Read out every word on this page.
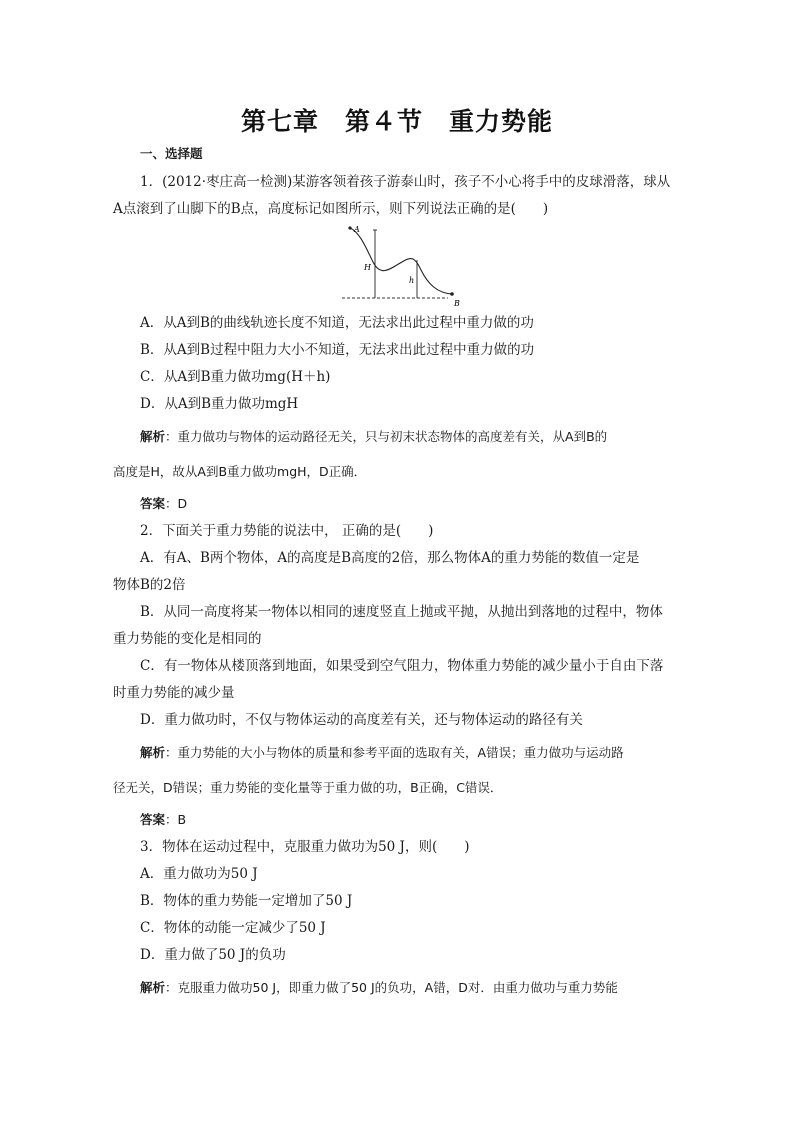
第七章　第４节　重力势能
一、选择题
1．(2012·枣庄高一检测)某游客领着孩子游泰山时，孩子不小心将手中的皮球滑落，球从
A点滚到了山脚下的B点，高度标记如图所示，则下列说法正确的是(　　)
A
H
h
B
A．从A到B的曲线轨迹长度不知道，无法求出此过程中重力做的功
B．从A到B过程中阻力大小不知道，无法求出此过程中重力做的功
C．从A到B重力做功mg(H＋h)
D．从A到B重力做功mgH
解析：重力做功与物体的运动路径无关，只与初末状态物体的高度差有关，从A到B的
高度是H，故从A到B重力做功mgH，D正确．
答案：D
2．下面关于重力势能的说法中， 正确的是(　　)
A．有A、B两个物体，A的高度是B高度的2倍，那么物体A的重力势能的数值一定是
物体B的2倍
B．从同一高度将某一物体以相同的速度竖直上抛或平抛，从抛出到落地的过程中，物体
重力势能的变化是相同的
C．有一物体从楼顶落到地面，如果受到空气阻力，物体重力势能的减少量小于自由下落
时重力势能的减少量
D．重力做功时，不仅与物体运动的高度差有关，还与物体运动的路径有关
解析：重力势能的大小与物体的质量和参考平面的选取有关，A错误；重力做功与运动路
径无关，D错误；重力势能的变化量等于重力做的功，B正确，C错误．
答案：B
3．物体在运动过程中，克服重力做功为50 J，则(　　)
A．重力做功为50 J
B．物体的重力势能一定增加了50 J
C．物体的动能一定减少了50 J
D．重力做了50 J的负功
解析：克服重力做功50 J，即重力做了50 J的负功，A错，D对．由重力做功与重力势能
